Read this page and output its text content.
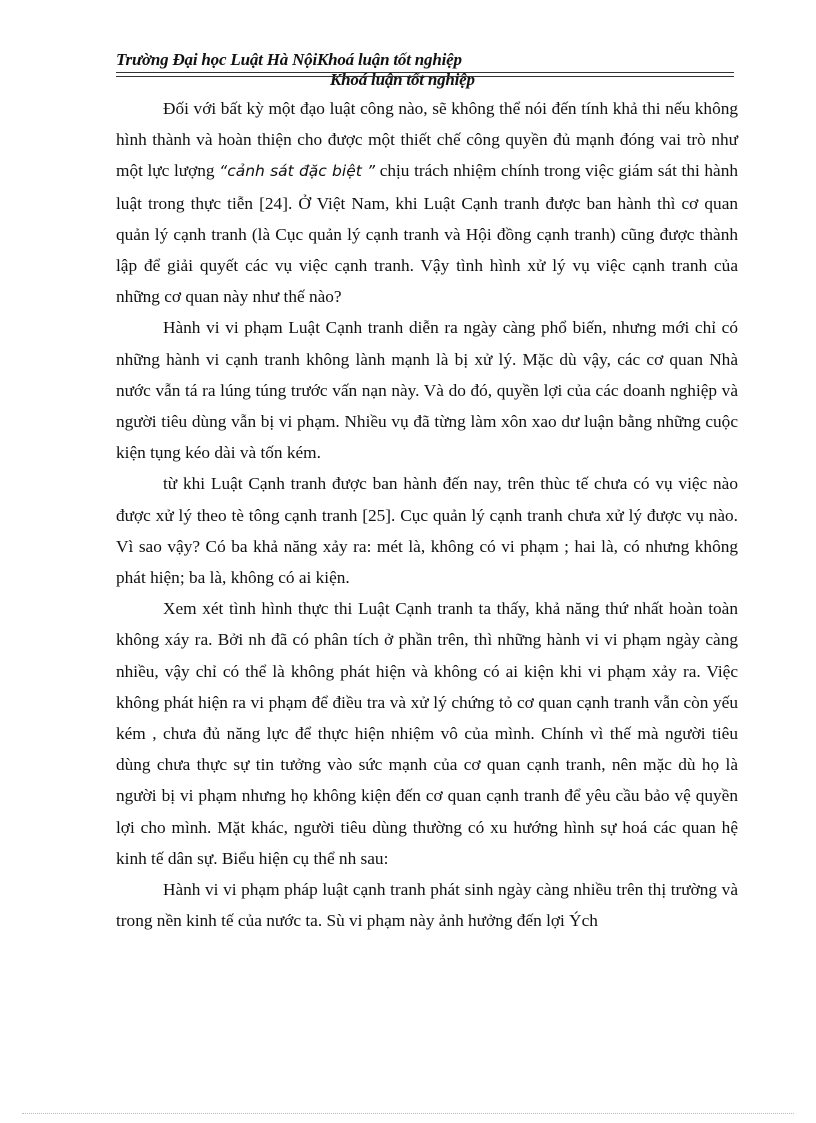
Trường Đại học Luật Hà NộiKhoá luận tốt nghiệp
Khoá luận tốt nghiệp

Đối với bất kỳ một đạo luật công nào, sẽ không thể nói đến tính khả thi nếu không hình thành và hoàn thiện cho được một thiết chế công quyền đủ mạnh đóng vai trò như một lực lượng “cảnh sát đặc biệt ” chịu trách nhiệm chính trong việc giám sát thi hành luật trong thực tiễn [24]. Ở Việt Nam, khi Luật Cạnh tranh được ban hành thì cơ quan quản lý cạnh tranh (là Cục quản lý cạnh tranh và Hội đồng cạnh tranh) cũng được thành lập để giải quyết các vụ việc cạnh tranh. Vậy tình hình xử lý vụ việc cạnh tranh của những cơ quan này như thế nào?

Hành vi vi phạm Luật Cạnh tranh diễn ra ngày càng phổ biến, nhưng mới chỉ có những hành vi cạnh tranh không lành mạnh là bị xử lý. Mặc dù vậy, các cơ quan Nhà nước vẫn tá ra lúng túng trước vấn nạn này. Và do đó, quyền lợi của các doanh nghiệp và người tiêu dùng vẫn bị vi phạm. Nhiều vụ đã từng làm xôn xao dư luận bằng những cuộc kiện tụng kéo dài và tốn kém.

từ khi Luật Cạnh tranh được ban hành đến nay, trên thùc tế chưa có vụ việc nào được xử lý theo tè tông cạnh tranh [25]. Cục quản lý cạnh tranh chưa xử lý được vụ nào. Vì sao vậy? Có ba khả năng xảy ra: mét là, không có vi phạm ; hai là, có nhưng không phát hiện; ba là, không có ai kiện.

Xem xét tình hình thực thi Luật Cạnh tranh ta thấy, khả năng thứ nhất hoàn toàn không xáy ra. Bởi nh đã có phân tích ở phần trên, thì những hành vi vi phạm ngày càng nhiều, vậy chỉ có thể là không phát hiện và không có ai kiện khi vi phạm xảy ra. Việc không phát hiện ra vi phạm để điều tra và xử lý chứng tỏ cơ quan cạnh tranh vẫn còn yếu kém , chưa đủ năng lực để thực hiện nhiệm vô của mình. Chính vì thế mà người tiêu dùng chưa thực sự tin tưởng vào sức mạnh của cơ quan cạnh tranh, nên mặc dù họ là người bị vi phạm nhưng họ không kiện đến cơ quan cạnh tranh để yêu cầu bảo vệ quyền lợi cho mình. Mặt khác, người tiêu dùng thường có xu hướng hình sự hoá các quan hệ kinh tế dân sự. Biểu hiện cụ thể nh sau:

Hành vi vi phạm pháp luật cạnh tranh phát sinh ngày càng nhiều trên thị trường và trong nền kinh tế của nước ta. Sù vi phạm này ảnh hưởng đến lợi Ých
